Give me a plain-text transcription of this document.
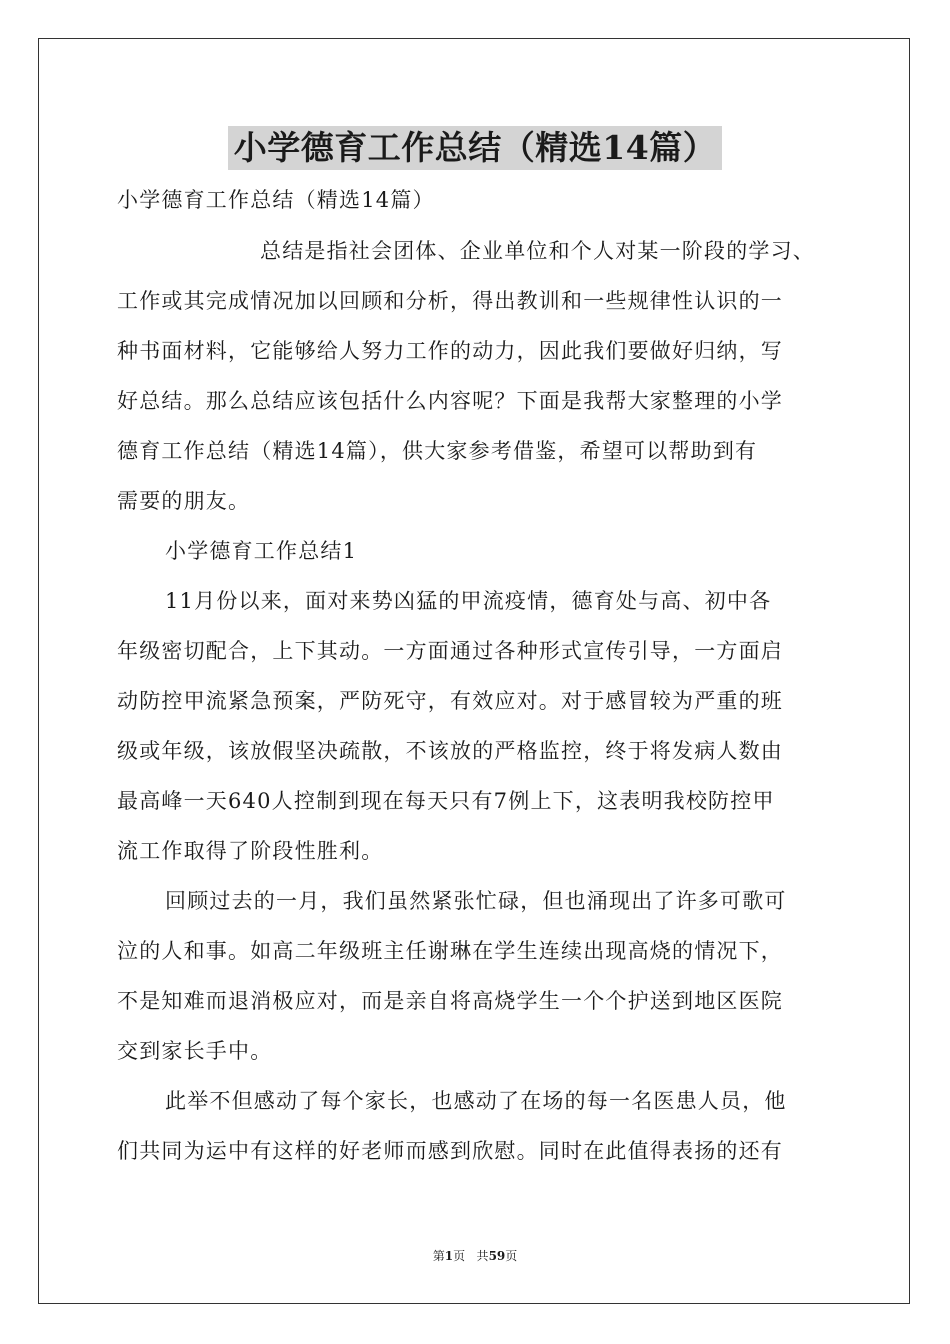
小学德育工作总结（精选14篇）
小学德育工作总结（精选14篇）
总结是指社会团体、企业单位和个人对某一阶段的学习、
工作或其完成情况加以回顾和分析，得出教训和一些规律性认识的一
种书面材料，它能够给人努力工作的动力，因此我们要做好归纳，写
好总结。那么总结应该包括什么内容呢？下面是我帮大家整理的小学
德育工作总结（精选14篇），供大家参考借鉴，希望可以帮助到有
需要的朋友。
小学德育工作总结1
11月份以来，面对来势凶猛的甲流疫情，德育处与高、初中各
年级密切配合，上下其动。一方面通过各种形式宣传引导，一方面启
动防控甲流紧急预案，严防死守，有效应对。对于感冒较为严重的班
级或年级，该放假坚决疏散，不该放的严格监控，终于将发病人数由
最高峰一天640人控制到现在每天只有7例上下，这表明我校防控甲
流工作取得了阶段性胜利。
回顾过去的一月，我们虽然紧张忙碌，但也涌现出了许多可歌可
泣的人和事。如高二年级班主任谢琳在学生连续出现高烧的情况下，
不是知难而退消极应对，而是亲自将高烧学生一个个护送到地区医院
交到家长手中。
此举不但感动了每个家长，也感动了在场的每一名医患人员，他
们共同为运中有这样的好老师而感到欣慰。同时在此值得表扬的还有
第1页 共59页
